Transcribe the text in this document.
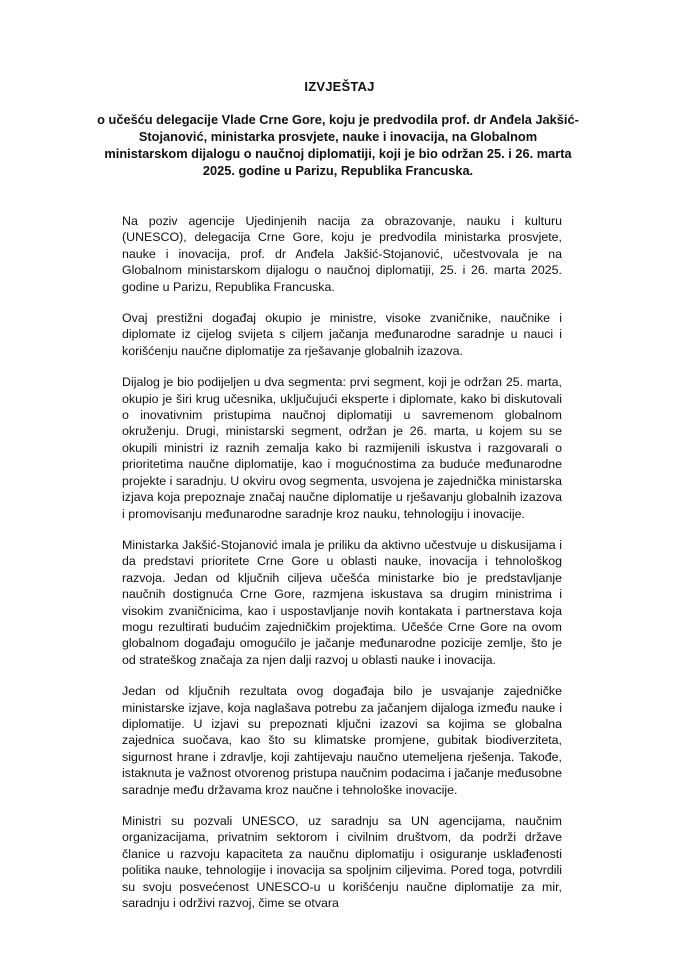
IZVJEŠTAJ

o učešću delegacije Vlade Crne Gore, koju je predvodila prof. dr Anđela Jakšić-Stojanović, ministarka prosvjete, nauke i inovacija, na Globalnom ministarskom dijalogu o naučnoj diplomatiji, koji je bio održan 25. i 26. marta 2025. godine u Parizu, Republika Francuska.

Na poziv agencije Ujedinjenih nacija za obrazovanje, nauku i kulturu (UNESCO), delegacija Crne Gore, koju je predvodila ministarka prosvjete, nauke i inovacija, prof. dr Anđela Jakšić-Stojanović, učestvovala je na Globalnom ministarskom dijalogu o naučnoj diplomatiji, 25. i 26. marta 2025. godine u Parizu, Republika Francuska.

Ovaj prestižni događaj okupio je ministre, visoke zvaničnike, naučnike i diplomate iz cijelog svijeta s ciljem jačanja međunarodne saradnje u nauci i korišćenju naučne diplomatije za rješavanje globalnih izazova.

Dijalog je bio podijeljen u dva segmenta: prvi segment, koji je održan 25. marta, okupio je širi krug učesnika, uključujući eksperte i diplomate, kako bi diskutovali o inovativnim pristupima naučnoj diplomatiji u savremenom globalnom okruženju. Drugi, ministarski segment, održan je 26. marta, u kojem su se okupili ministri iz raznih zemalja kako bi razmijenili iskustva i razgovarali o prioritetima naučne diplomatije, kao i mogućnostima za buduće međunarodne projekte i saradnju. U okviru ovog segmenta, usvojena je zajednička ministarska izjava koja prepoznaje značaj naučne diplomatije u rješavanju globalnih izazova i promovisanju međunarodne saradnje kroz nauku, tehnologiju i inovacije.

Ministarka Jakšić-Stojanović imala je priliku da aktivno učestvuje u diskusijama i da predstavi prioritete Crne Gore u oblasti nauke, inovacija i tehnološkog razvoja. Jedan od ključnih ciljeva učešća ministarke bio je predstavljanje naučnih dostignuća Crne Gore, razmjena iskustava sa drugim ministrima i visokim zvaničnicima, kao i uspostavljanje novih kontakata i partnerstava koja mogu rezultirati budućim zajedničkim projektima. Učešće Crne Gore na ovom globalnom događaju omogućilo je jačanje međunarodne pozicije zemlje, što je od strateškog značaja za njen dalji razvoj u oblasti nauke i inovacija.

Jedan od ključnih rezultata ovog događaja bilo je usvajanje zajedničke ministarske izjave, koja naglašava potrebu za jačanjem dijaloga između nauke i diplomatije. U izjavi su prepoznati ključni izazovi sa kojima se globalna zajednica suočava, kao što su klimatske promjene, gubitak biodiverziteta, sigurnost hrane i zdravlje, koji zahtijevaju naučno utemeljena rješenja. Takođe, istaknuta je važnost otvorenog pristupa naučnim podacima i jačanje međusobne saradnje među državama kroz naučne i tehnološke inovacije.

Ministri su pozvali UNESCO, uz saradnju sa UN agencijama, naučnim organizacijama, privatnim sektorom i civilnim društvom, da podrži države članice u razvoju kapaciteta za naučnu diplomatiju i osiguranje usklađenosti politika nauke, tehnologije i inovacija sa spoljnim ciljevima. Pored toga, potvrdili su svoju posvećenost UNESCO-u u korišćenju naučne diplomatije za mir, saradnju i održivi razvoj, čime se otvara
